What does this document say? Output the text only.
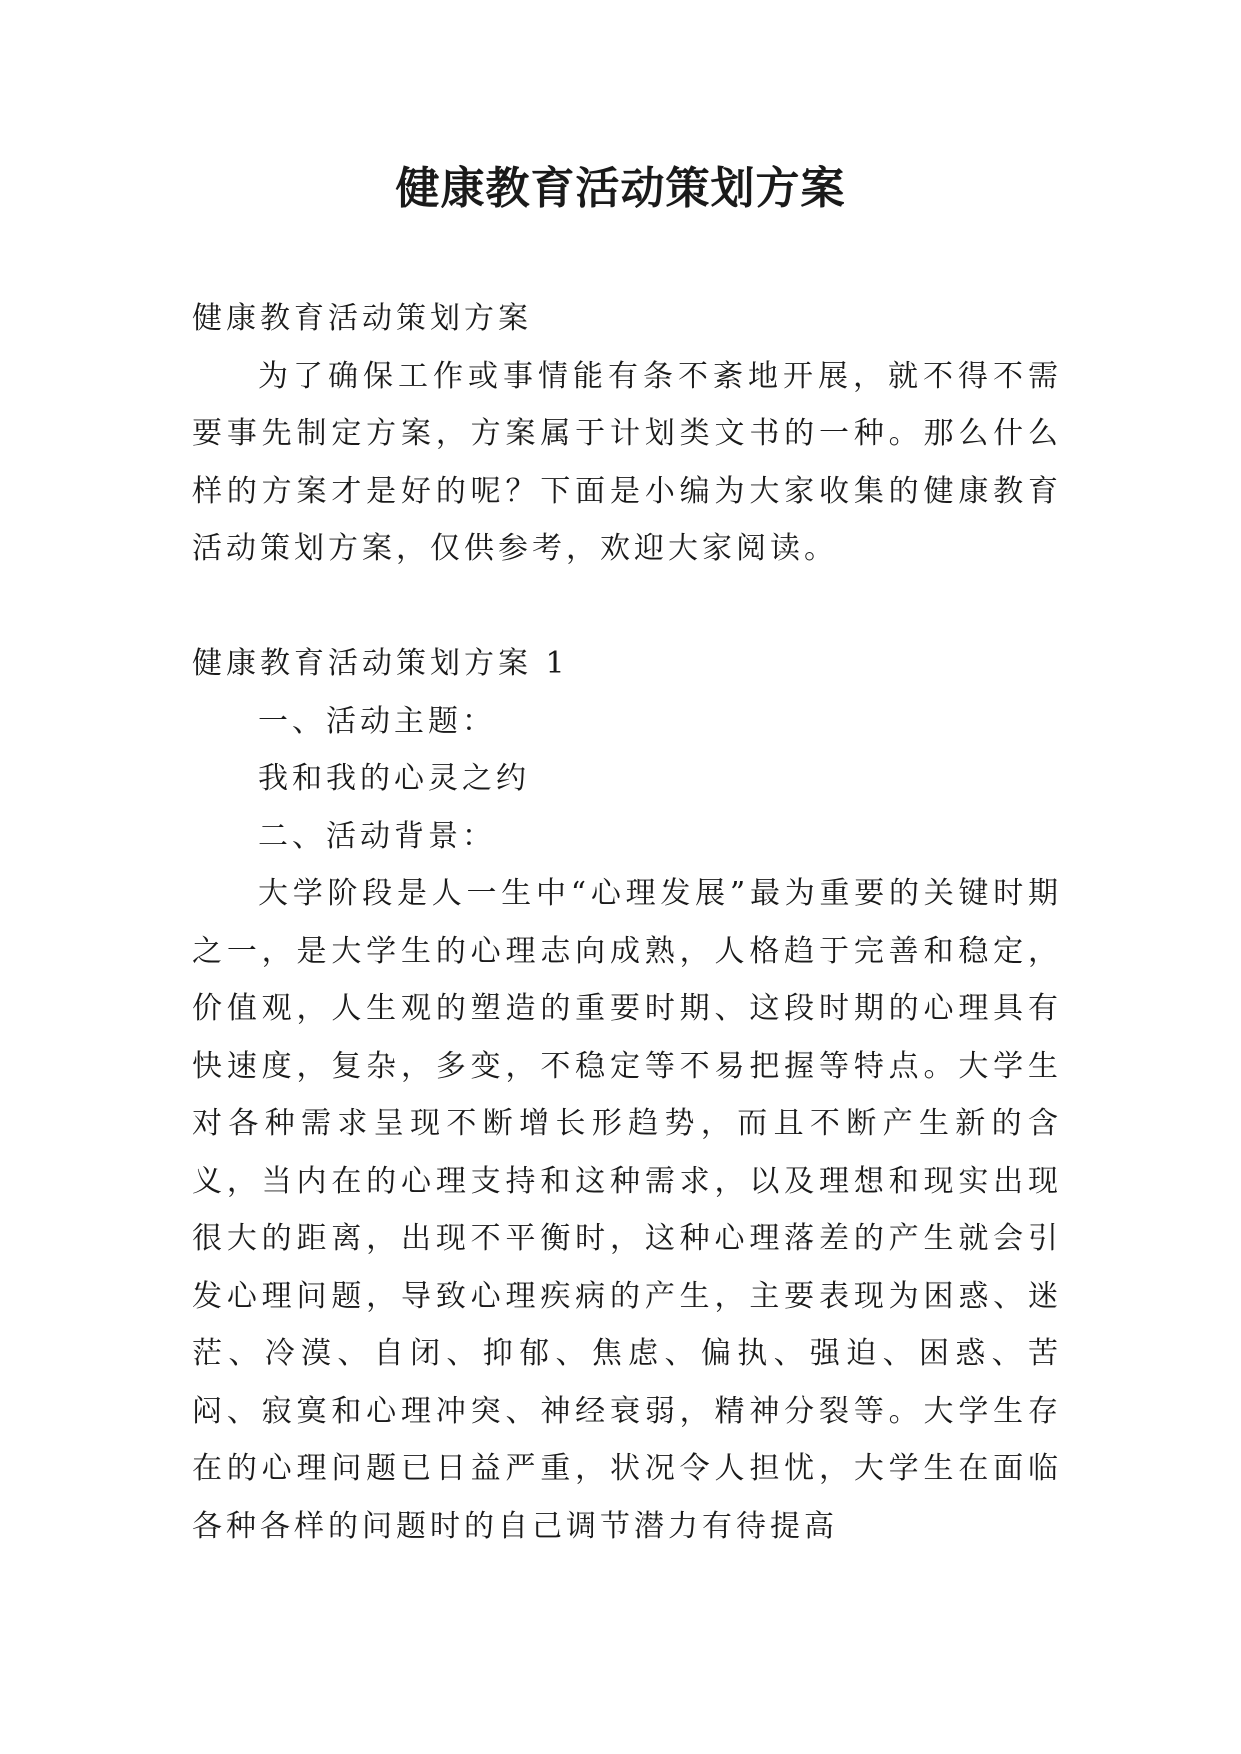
健康教育活动策划方案

健康教育活动策划方案

为了确保工作或事情能有条不紊地开展，就不得不需要事先制定方案，方案属于计划类文书的一种。那么什么样的方案才是好的呢？下面是小编为大家收集的健康教育活动策划方案，仅供参考，欢迎大家阅读。

健康教育活动策划方案 1

一、活动主题：

我和我的心灵之约

二、活动背景：

大学阶段是人一生中“心理发展”最为重要的关键时期之一，是大学生的心理志向成熟，人格趋于完善和稳定，价值观，人生观的塑造的重要时期、这段时期的心理具有快速度，复杂，多变，不稳定等不易把握等特点。大学生对各种需求呈现不断增长形趋势，而且不断产生新的含义，当内在的心理支持和这种需求，以及理想和现实出现很大的距离，出现不平衡时，这种心理落差的产生就会引发心理问题，导致心理疾病的产生，主要表现为困惑、迷茫、冷漠、自闭、抑郁、焦虑、偏执、强迫、困惑、苦闷、寂寞和心理冲突、神经衰弱，精神分裂等。大学生存在的心理问题已日益严重，状况令人担忧，大学生在面临各种各样的问题时的自己调节潜力有待提高
